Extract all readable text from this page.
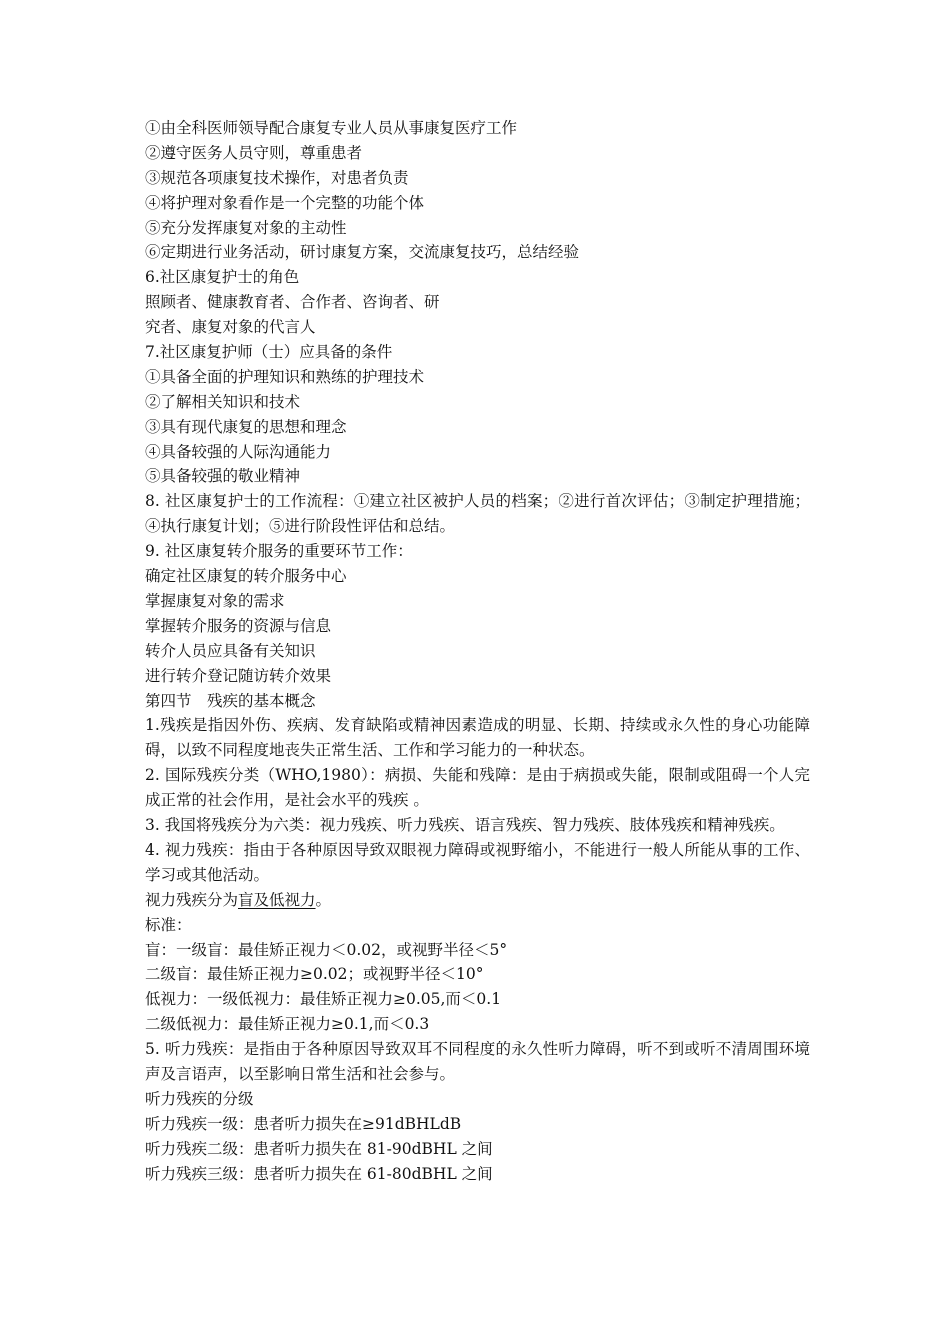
①由全科医师领导配合康复专业人员从事康复医疗工作
②遵守医务人员守则，尊重患者
③规范各项康复技术操作，对患者负责
④将护理对象看作是一个完整的功能个体
⑤充分发挥康复对象的主动性
⑥定期进行业务活动，研讨康复方案，交流康复技巧，总结经验
6.社区康复护士的角色
照顾者、健康教育者、合作者、咨询者、研
究者、康复对象的代言人
7.社区康复护师（士）应具备的条件
①具备全面的护理知识和熟练的护理技术
②了解相关知识和技术
③具有现代康复的思想和理念
④具备较强的人际沟通能力
⑤具备较强的敬业精神

8. 社区康复护士的工作流程：①建立社区被护人员的档案；②进行首次评估；③制定护理措施；④执行康复计划；⑤进行阶段性评估和总结。

9. 社区康复转介服务的重要环节工作：
确定社区康复的转介服务中心
掌握康复对象的需求
掌握转介服务的资源与信息
转介人员应具备有关知识
进行转介登记随访转介效果
第四节　残疾的基本概念

1.残疾是指因外伤、疾病、发育缺陷或精神因素造成的明显、长期、持续或永久性的身心功能障碍，以致不同程度地丧失正常生活、工作和学习能力的一种状态。

2. 国际残疾分类（WHO,1980）：病损、失能和残障：是由于病损或失能，限制或阻碍一个人完成正常的社会作用，是社会水平的残疾 。

3. 我国将残疾分为六类：视力残疾、听力残疾、语言残疾、智力残疾、肢体残疾和精神残疾。

4. 视力残疾：指由于各种原因导致双眼视力障碍或视野缩小，不能进行一般人所能从事的工作、学习或其他活动。

视力残疾分为盲及低视力。
标准：
盲：一级盲：最佳矫正视力＜0.02，或视野半径＜5°
二级盲：最佳矫正视力≥0.02；或视野半径＜10°
低视力：一级低视力：最佳矫正视力≥0.05,而＜0.1
二级低视力：最佳矫正视力≥0.1,而＜0.3

5. 听力残疾：是指由于各种原因导致双耳不同程度的永久性听力障碍，听不到或听不清周围环境声及言语声，以至影响日常生活和社会参与。

听力残疾的分级
听力残疾一级：患者听力损失在≥91dBHLdB
听力残疾二级：患者听力损失在 81-90dBHL 之间
听力残疾三级：患者听力损失在 61-80dBHL 之间
